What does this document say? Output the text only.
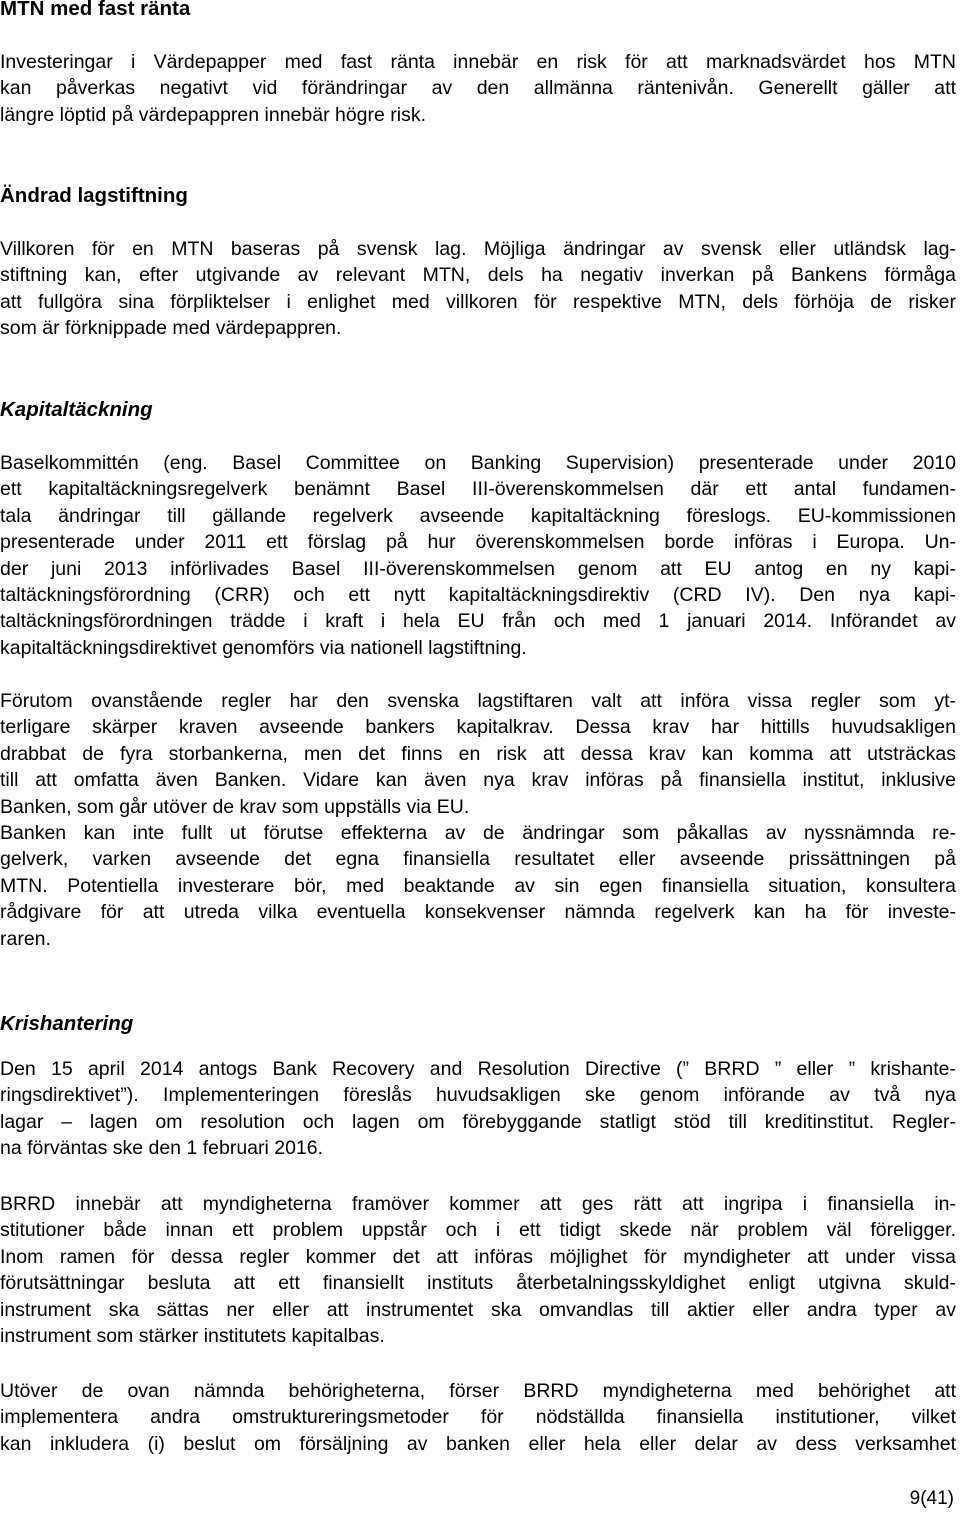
MTN med fast ränta

Investeringar i Värdepapper med fast ränta innebär en risk för att marknadsvärdet hos MTN
kan påverkas negativt vid förändringar av den allmänna räntenivån. Generellt gäller att
längre löptid på värdepappren innebär högre risk.

Ändrad lagstiftning

Villkoren för en MTN baseras på svensk lag. Möjliga ändringar av svensk eller utländsk lag-
stiftning kan, efter utgivande av relevant MTN, dels ha negativ inverkan på Bankens förmåga
att fullgöra sina förpliktelser i enlighet med villkoren för respektive MTN, dels förhöja de risker
som är förknippade med värdepappren.

Kapitaltäckning

Baselkommittén (eng. Basel Committee on Banking Supervision) presenterade under 2010
ett kapitaltäckningsregelverk benämnt Basel III-överenskommelsen där ett antal fundamen-
tala ändringar till gällande regelverk avseende kapitaltäckning föreslogs. EU-kommissionen
presenterade under 2011 ett förslag på hur överenskommelsen borde införas i Europa. Un-
der juni 2013 införlivades Basel III-överenskommelsen genom att EU antog en ny kapi-
taltäckningsförordning (CRR) och ett nytt kapitaltäckningsdirektiv (CRD IV). Den nya kapi-
taltäckningsförordningen trädde i kraft i hela EU från och med 1 januari 2014. Införandet av
kapitaltäckningsdirektivet genomförs via nationell lagstiftning.

Förutom ovanstående regler har den svenska lagstiftaren valt att införa vissa regler som yt-
terligare skärper kraven avseende bankers kapitalkrav. Dessa krav har hittills huvudsakligen
drabbat de fyra storbankerna, men det finns en risk att dessa krav kan komma att utsträckas
till att omfatta även Banken. Vidare kan även nya krav införas på finansiella institut, inklusive
Banken, som går utöver de krav som uppställs via EU.

Banken kan inte fullt ut förutse effekterna av de ändringar som påkallas av nyssnämnda re-
gelverk, varken avseende det egna finansiella resultatet eller avseende prissättningen på
MTN. Potentiella investerare bör, med beaktande av sin egen finansiella situation, konsultera
rådgivare för att utreda vilka eventuella konsekvenser nämnda regelverk kan ha för investe-
raren.

Krishantering

Den 15 april 2014 antogs Bank Recovery and Resolution Directive (” BRRD ” eller ” krishante-
ringsdirektivet”). Implementeringen föreslås huvudsakligen ske genom införande av två nya
lagar – lagen om resolution och lagen om förebyggande statligt stöd till kreditinstitut. Regler-
na förväntas ske den 1 februari 2016.

BRRD innebär att myndigheterna framöver kommer att ges rätt att ingripa i finansiella in-
stitutioner både innan ett problem uppstår och i ett tidigt skede när problem väl föreligger.
Inom ramen för dessa regler kommer det att införas möjlighet för myndigheter att under vissa
förutsättningar besluta att ett finansiellt instituts återbetalningsskyldighet enligt utgivna skuld-
instrument ska sättas ner eller att instrumentet ska omvandlas till aktier eller andra typer av
instrument som stärker institutets kapitalbas.

Utöver de ovan nämnda behörigheterna, förser BRRD myndigheterna med behörighet att
implementera andra omstruktureringsmetoder för nödställda finansiella institutioner, vilket
kan inkludera (i) beslut om försäljning av banken eller hela eller delar av dess verksamhet

9(41)
